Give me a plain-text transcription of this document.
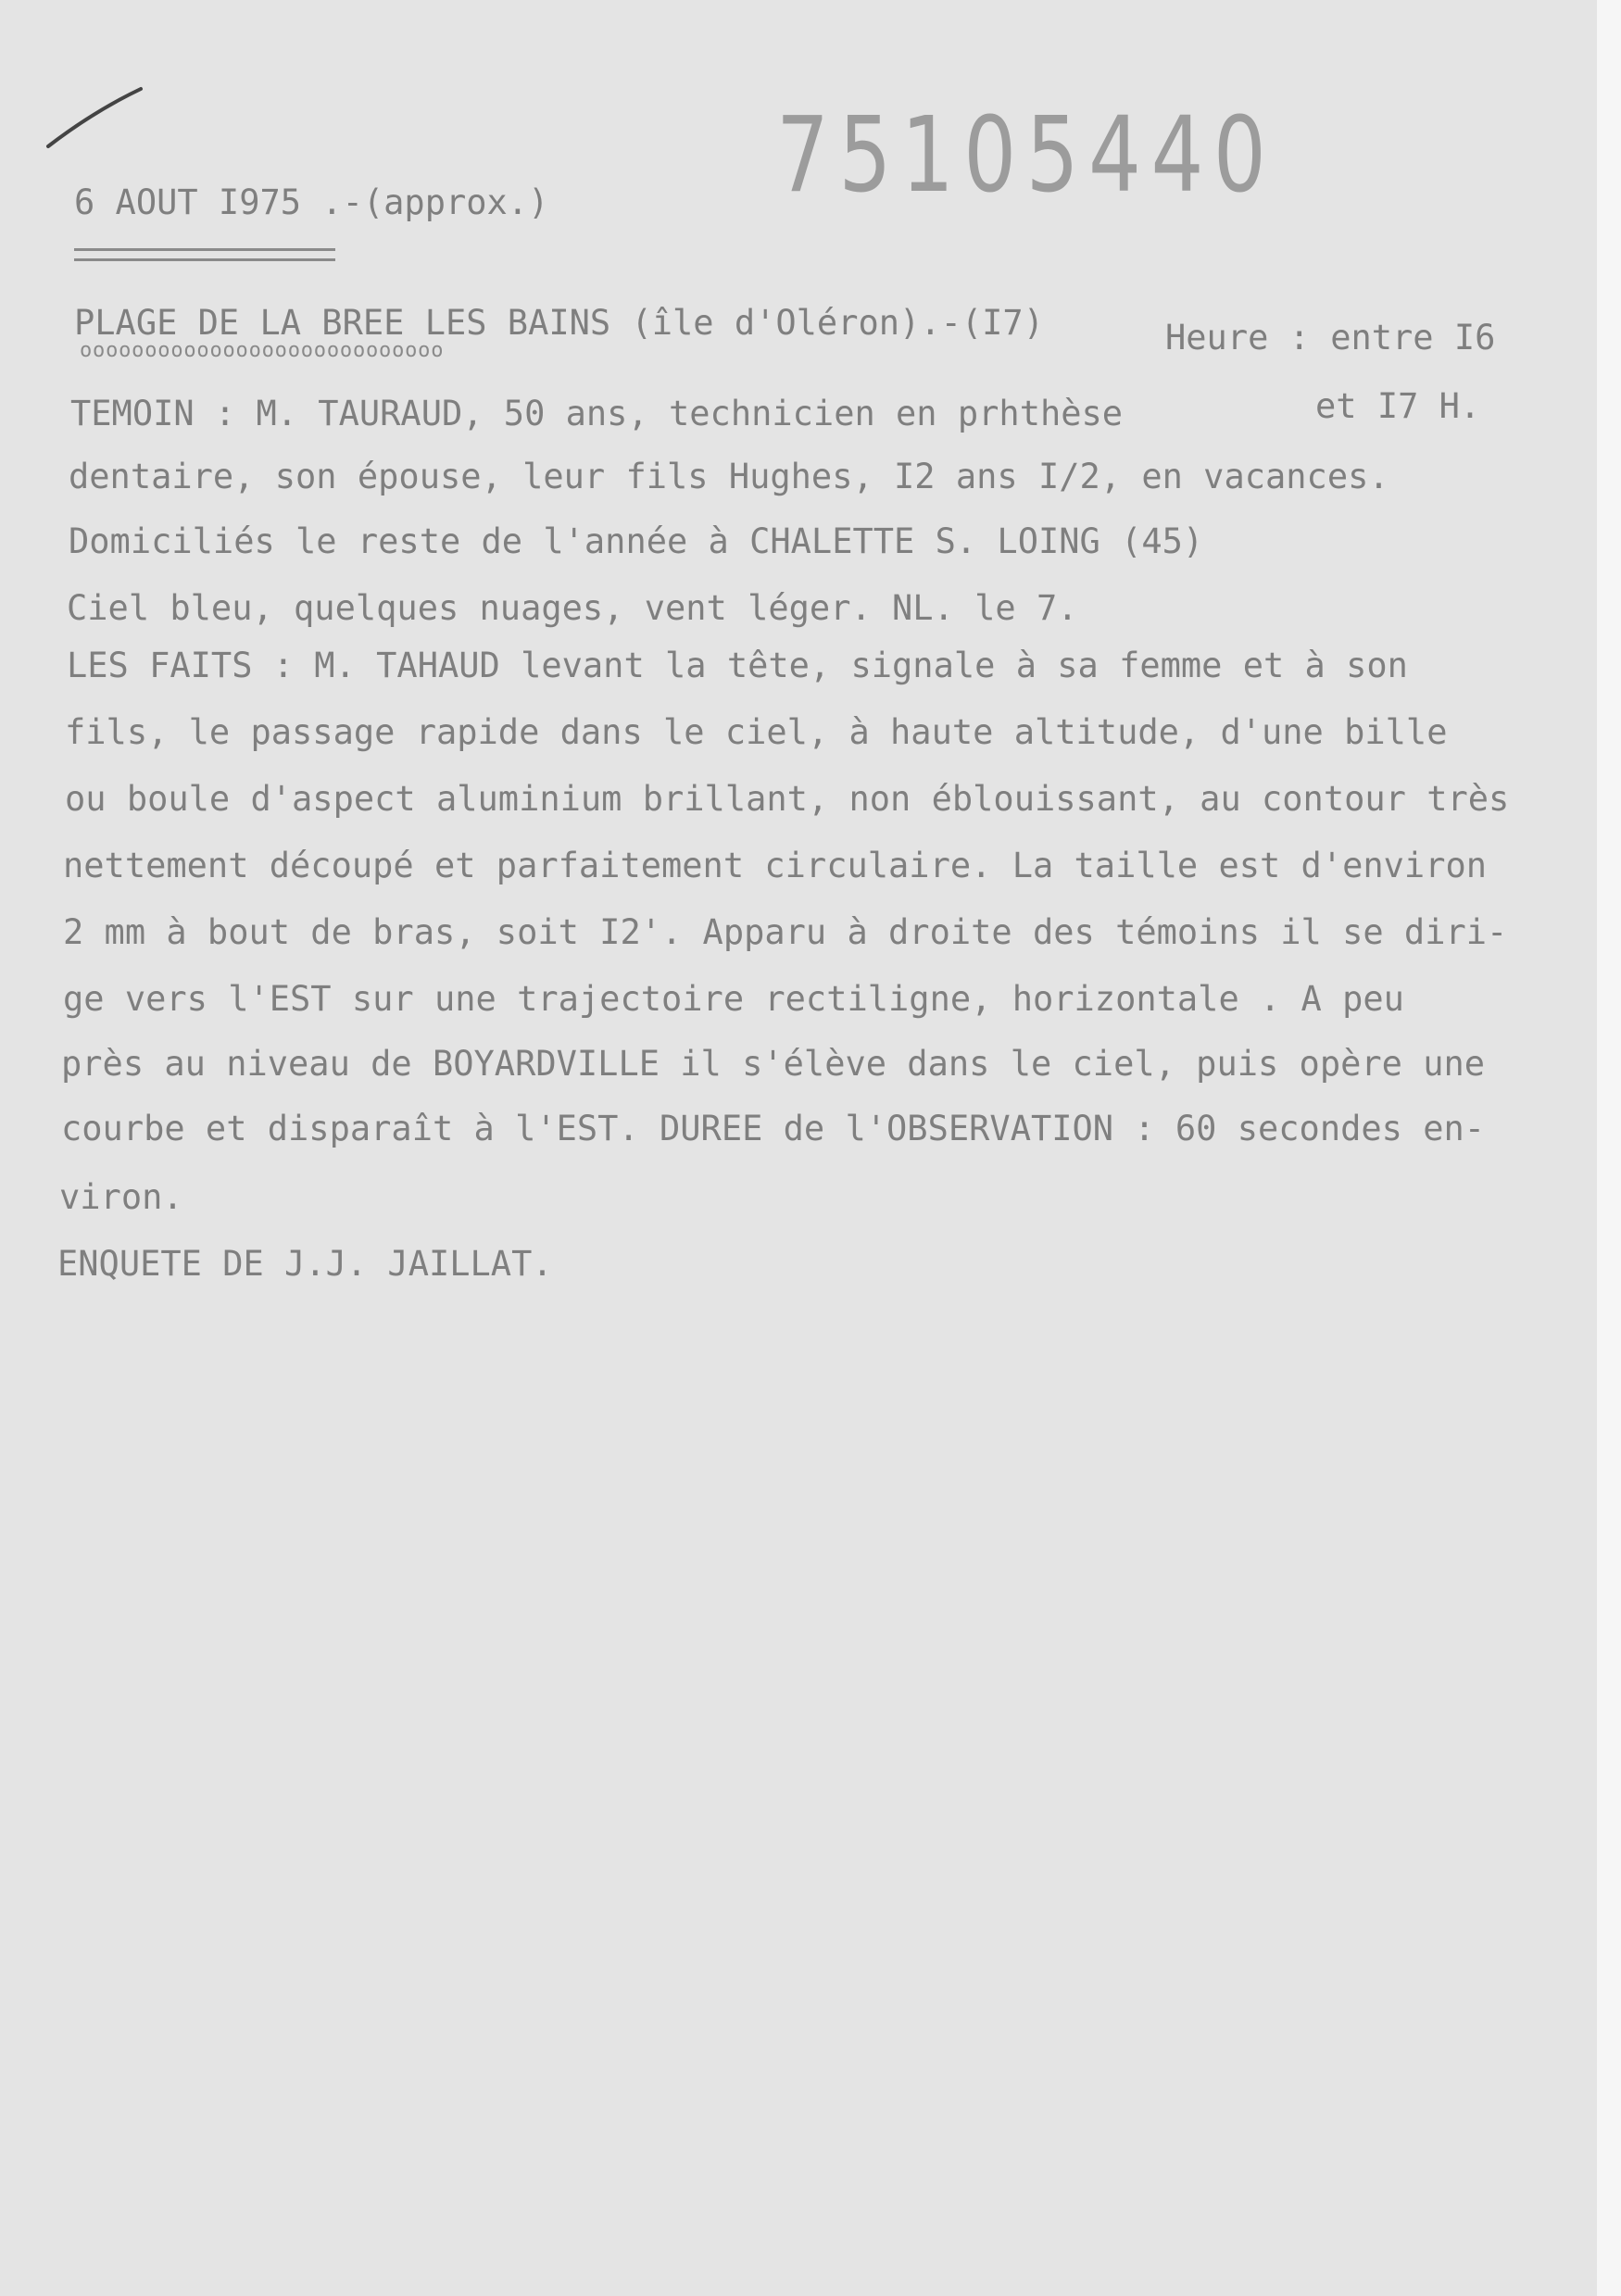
75105440
6 AOUT I975 .-(approx.)
PLAGE DE LA BREE LES BAINS (île d'Oléron).-(I7)
oooooooooooooooooooooooooooo	Heure : entre I6
et I7 H.
TEMOIN : M. TAURAUD, 50 ans, technicien en prhthèse
dentaire, son épouse, leur fils Hughes, I2 ans I/2, en vacances.
Domiciliés le reste de l'année à CHALETTE S. LOING (45)
Ciel bleu, quelques nuages, vent léger. NL. le 7.
LES FAITS : M. TAHAUD levant la tête, signale à sa femme et à son
fils, le passage rapide dans le ciel, à haute altitude, d'une bille
ou boule d'aspect aluminium brillant, non éblouissant, au contour très
nettement découpé et parfaitement circulaire. La taille est d'environ
2 mm à bout de bras, soit I2'. Apparu à droite des témoins il se diri-
ge vers l'EST sur une trajectoire rectiligne, horizontale . A peu
près au niveau de BOYARDVILLE il s'élève dans le ciel, puis opère une
courbe et disparaît à l'EST. DUREE de l'OBSERVATION : 60 secondes en-
viron.
ENQUETE DE J.J. JAILLAT.
